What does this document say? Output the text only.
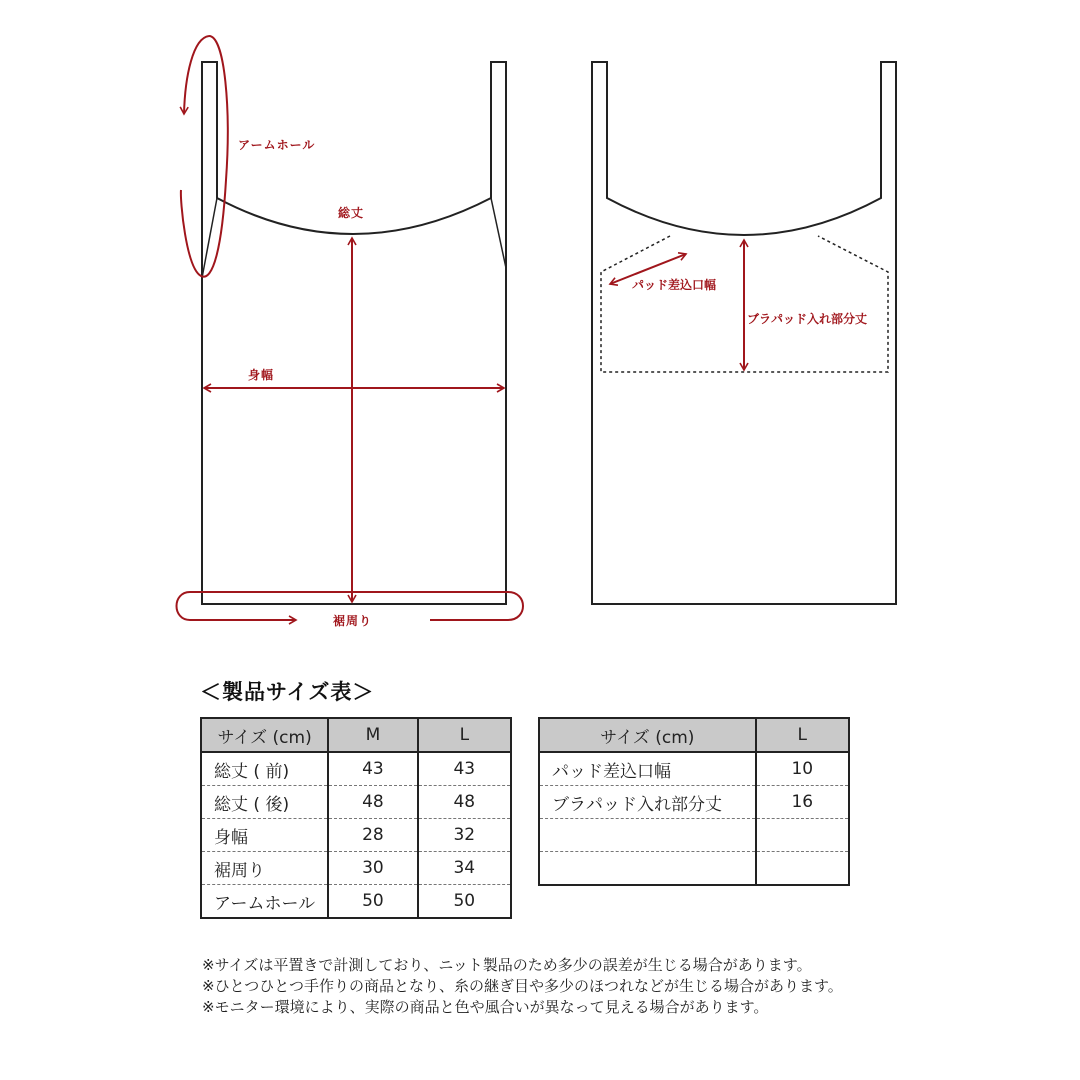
アームホール
総丈
身幅
裾周り
パッド差込口幅
ブラパッド入れ部分丈
＜製品サイズ表＞
サイズ (cm)	M	L
総丈 ( 前)	43	43
総丈 ( 後)	48	48
身幅	28	32
裾周り	30	34
アームホール	50	50
サイズ (cm)	L
パッド差込口幅	10
ブラパッド入れ部分丈	16

※サイズは平置きで計測しており、ニット製品のため多少の誤差が生じる場合があります。
※ひとつひとつ手作りの商品となり、糸の継ぎ目や多少のほつれなどが生じる場合があります。
※モニター環境により、実際の商品と色や風合いが異なって見える場合があります。
